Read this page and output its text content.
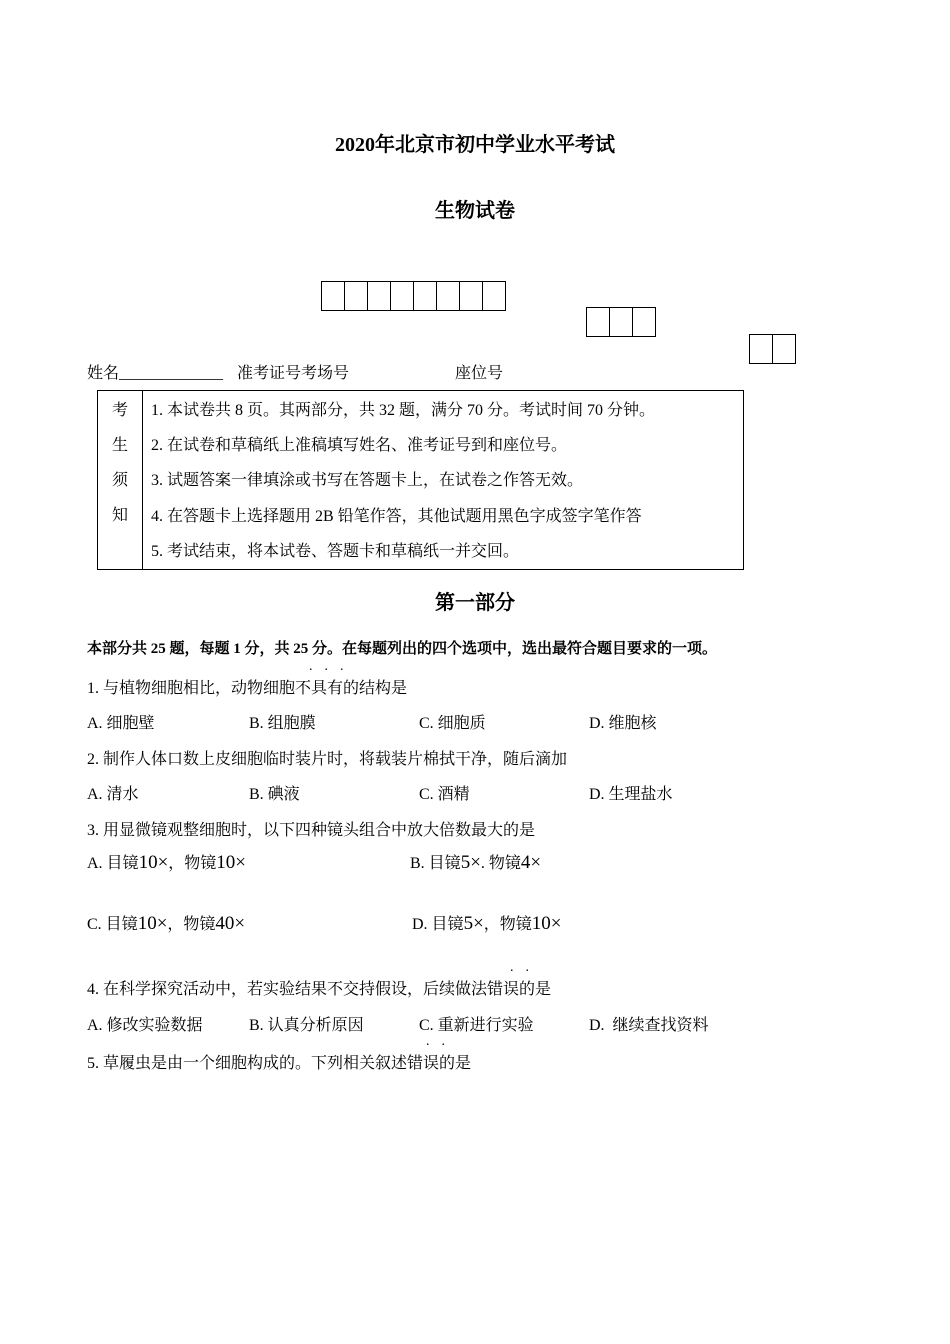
2020年北京市初中学业水平考试
生物试卷
姓名_____________ 准考证号考场号	座位号
考
生
须
知
1. 本试卷共 8 页。其两部分，共 32 题，满分 70 分。考试时间 70 分钟。
2. 在试卷和草稿纸上准稿填写姓名、准考证号到和座位号。
3. 试题答案一律填涂或书写在答题卡上，在试卷之作答无效。
4. 在答题卡上选择题用 2B 铅笔作答，其他试题用黑色字成签字笔作答
5. 考试结束，将本试卷、答题卡和草稿纸一并交回。
第一部分
本部分共 25 题，每题 1 分，共 25 分。在每题列出的四个选项中，选出最符合题目要求的一项。
...
1. 与植物细胞相比，动物细胞不具有的结构是
A. 细胞壁	B. 组胞膜	C. 细胞质	D. 维胞核
2. 制作人体口数上皮细胞临时装片时，将载装片棉拭干净，随后滴加
A. 清水	B. 碘液	C. 酒精	D. 生理盐水
3. 用显微镜观整细胞时，以下四种镜头组合中放大倍数最大的是
A. 目镜10×，物镜10×	B. 目镜5×. 物镜4×
C. 目镜10×，物镜40×	D. 目镜5×，物镜10×
..
4. 在科学探究活动中，若实验结果不交持假设，后续做法错误的是
A. 修改实验数据	B. 认真分析原因	C. 重新进行实验	D.  继续查找资料
..
5. 草履虫是由一个细胞构成的。下列相关叙述错误的是
